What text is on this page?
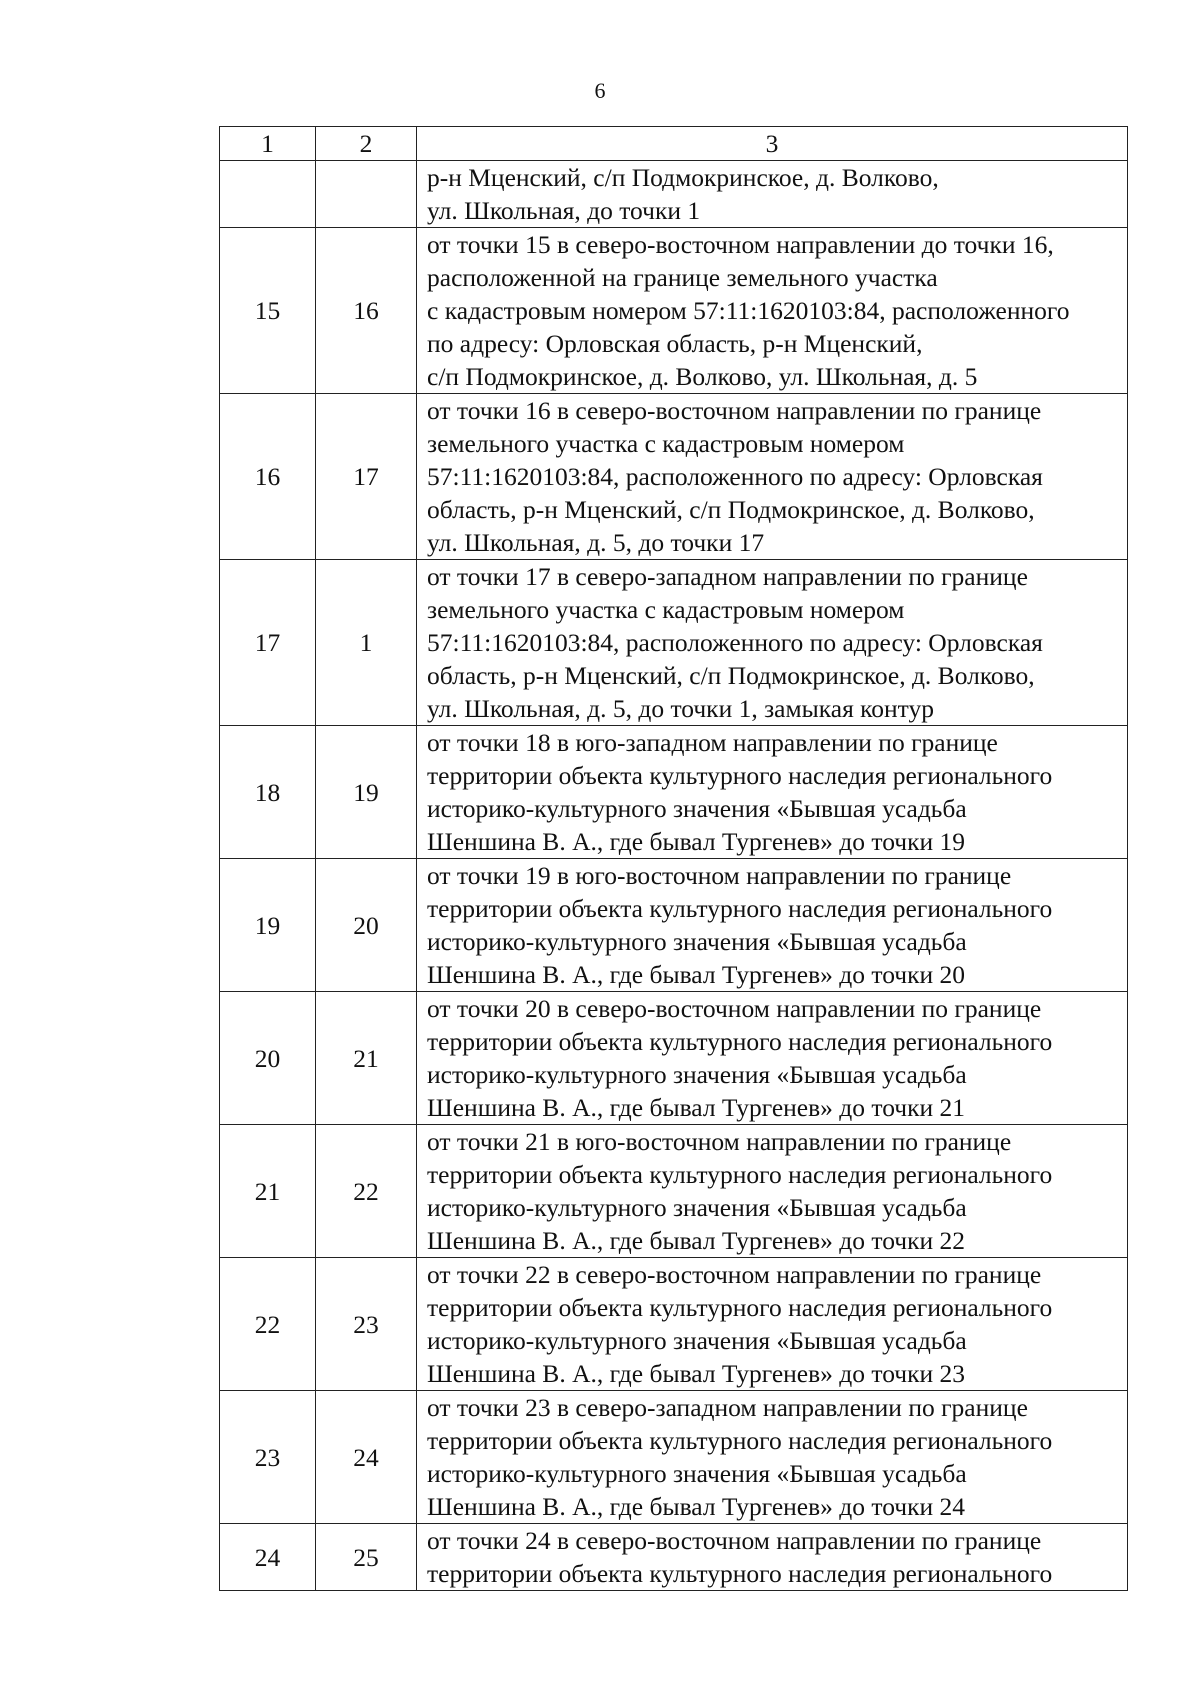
6
1	2	3

		р-н Мценский, с/п Подмокринское, д. Волково,
ул. Школьная, до точки 1

15	16	от точки 15 в северо-восточном направлении до точки 16,
расположенной на границе земельного участка
с кадастровым номером 57:11:1620103:84, расположенного
по адресу: Орловская область, р-н Мценский,
с/п Подмокринское, д. Волково, ул. Школьная, д. 5

16	17	от точки 16 в северо-восточном направлении по границе
земельного участка с кадастровым номером
57:11:1620103:84, расположенного по адресу: Орловская
область, р-н Мценский, с/п Подмокринское, д. Волково,
ул. Школьная, д. 5, до точки 17

17	1	от точки 17 в северо-западном направлении по границе
земельного участка с кадастровым номером
57:11:1620103:84, расположенного по адресу: Орловская
область, р-н Мценский, с/п Подмокринское, д. Волково,
ул. Школьная, д. 5, до точки 1, замыкая контур

18	19	от точки 18 в юго-западном направлении по границе
территории объекта культурного наследия регионального
историко-культурного значения «Бывшая усадьба
Шеншина В. А., где бывал Тургенев» до точки 19

19	20	от точки 19 в юго-восточном направлении по границе
территории объекта культурного наследия регионального
историко-культурного значения «Бывшая усадьба
Шеншина В. А., где бывал Тургенев» до точки 20

20	21	от точки 20 в северо-восточном направлении по границе
территории объекта культурного наследия регионального
историко-культурного значения «Бывшая усадьба
Шеншина В. А., где бывал Тургенев» до точки 21

21	22	от точки 21 в юго-восточном направлении по границе
территории объекта культурного наследия регионального
историко-культурного значения «Бывшая усадьба
Шеншина В. А., где бывал Тургенев» до точки 22

22	23	от точки 22 в северо-восточном направлении по границе
территории объекта культурного наследия регионального
историко-культурного значения «Бывшая усадьба
Шеншина В. А., где бывал Тургенев» до точки 23

23	24	от точки 23 в северо-западном направлении по границе
территории объекта культурного наследия регионального
историко-культурного значения «Бывшая усадьба
Шеншина В. А., где бывал Тургенев» до точки 24

24	25	от точки 24 в северо-восточном направлении по границе
территории объекта культурного наследия регионального
